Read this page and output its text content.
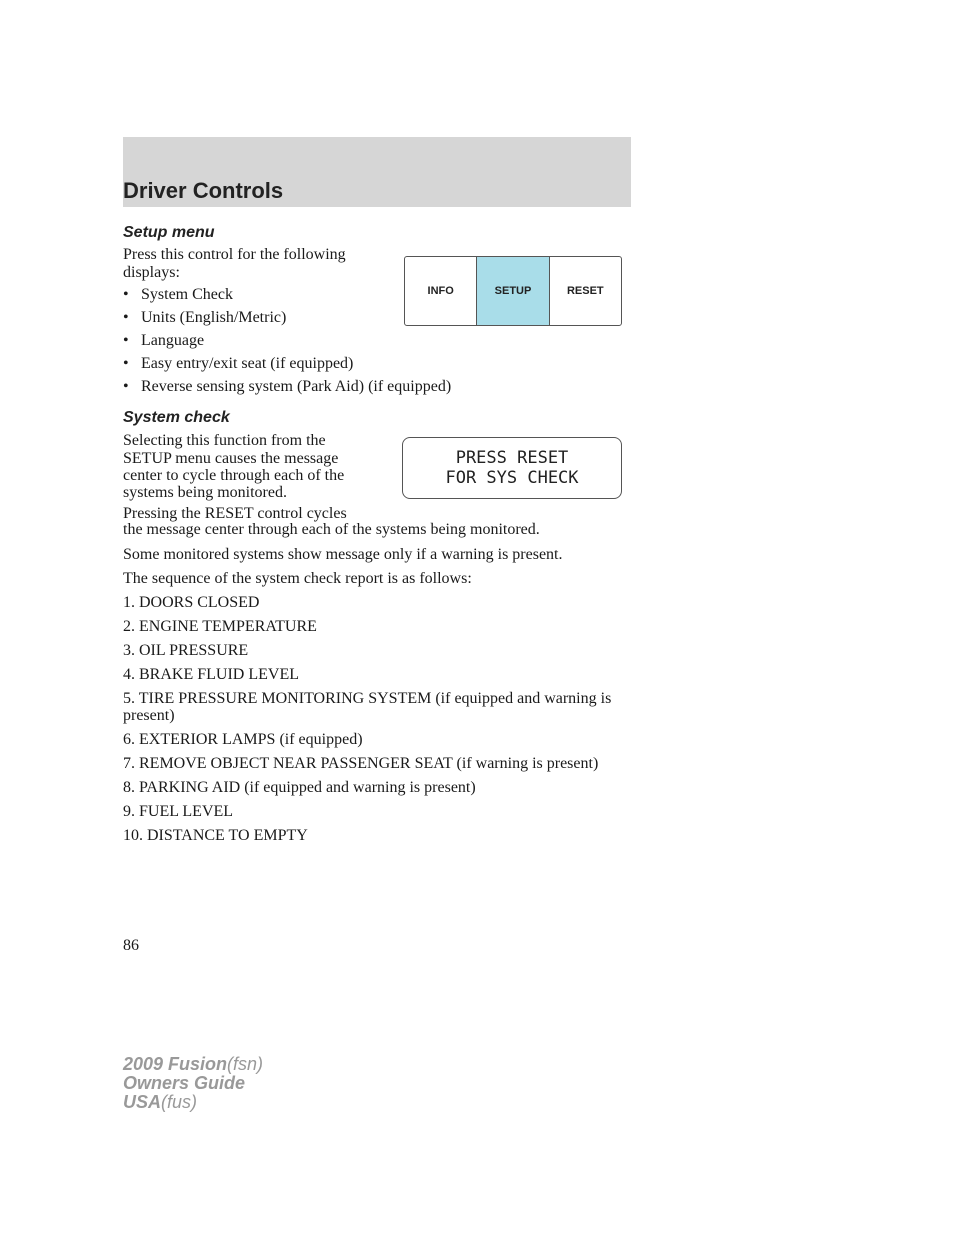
Driver Controls
Setup menu
Press this control for the following
displays:
• System Check
• Units (English/Metric)
• Language
• Easy entry/exit seat (if equipped)
• Reverse sensing system (Park Aid) (if equipped)
INFO	SETUP	RESET
System check
Selecting this function from the
SETUP menu causes the message
center to cycle through each of the
systems being monitored.
PRESS RESET
FOR SYS CHECK
Pressing the RESET control cycles
the message center through each of the systems being monitored.
Some monitored systems show message only if a warning is present.
The sequence of the system check report is as follows:
1. DOORS CLOSED
2. ENGINE TEMPERATURE
3. OIL PRESSURE
4. BRAKE FLUID LEVEL
5. TIRE PRESSURE MONITORING SYSTEM (if equipped and warning is
present)
6. EXTERIOR LAMPS (if equipped)
7. REMOVE OBJECT NEAR PASSENGER SEAT (if warning is present)
8. PARKING AID (if equipped and warning is present)
9. FUEL LEVEL
10. DISTANCE TO EMPTY
86
2009 Fusion(fsn)
Owners Guide
USA(fus)
